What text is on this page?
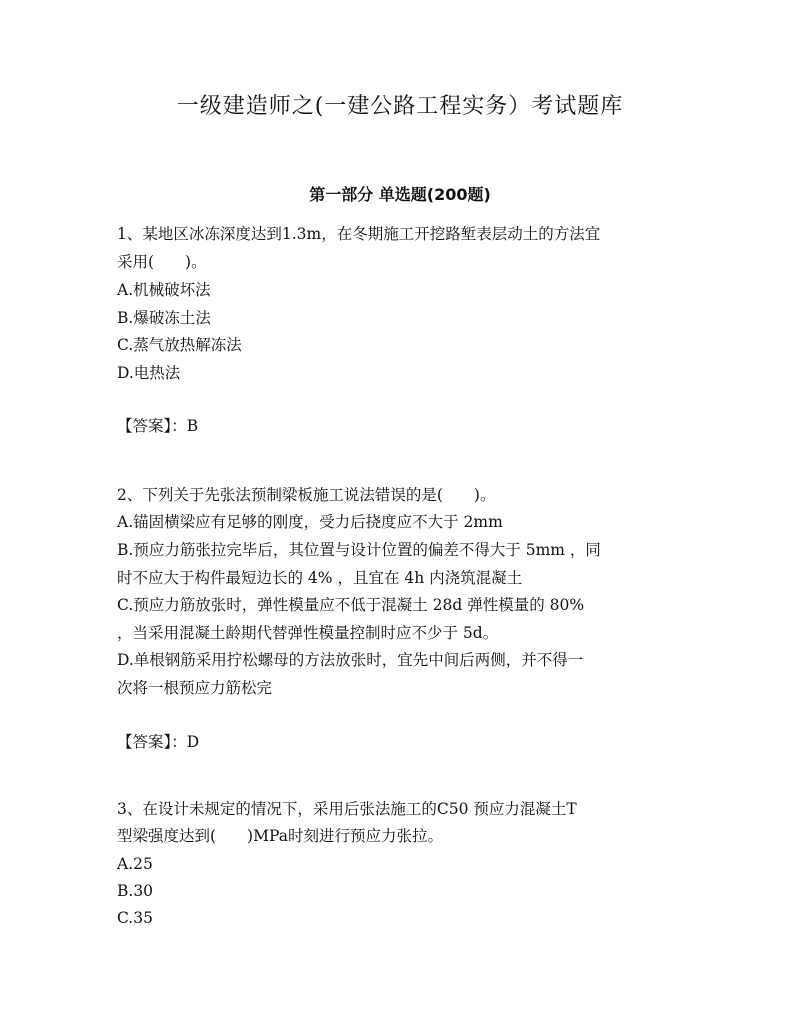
一级建造师之(一建公路工程实务）考试题库
第一部分 单选题(200题)

1、某地区冰冻深度达到1.3m，在冬期施工开挖路堑表层动土的方法宜

采用(　　)。

A.机械破坏法

B.爆破冻土法

C.蒸气放热解冻法

D.电热法

【答案】：B

2、下列关于先张法预制梁板施工说法错误的是(　　)。

A.锚固横梁应有足够的刚度，受力后挠度应不大于 2mm

B.预应力筋张拉完毕后，其位置与设计位置的偏差不得大于 5mm ，同

时不应大于构件最短边长的 4% ，且宜在 4h 内浇筑混凝土

C.预应力筋放张时，弹性模量应不低于混凝土 28d 弹性模量的 80%

，当采用混凝土龄期代替弹性模量控制时应不少于 5d。

D.单根钢筋采用拧松螺母的方法放张时，宜先中间后两侧，并不得一

次将一根预应力筋松完

【答案】：D

3、在设计未规定的情况下，采用后张法施工的C50 预应力混凝土T

型梁强度达到(　　)MPa时刻进行预应力张拉。

A.25

B.30

C.35
